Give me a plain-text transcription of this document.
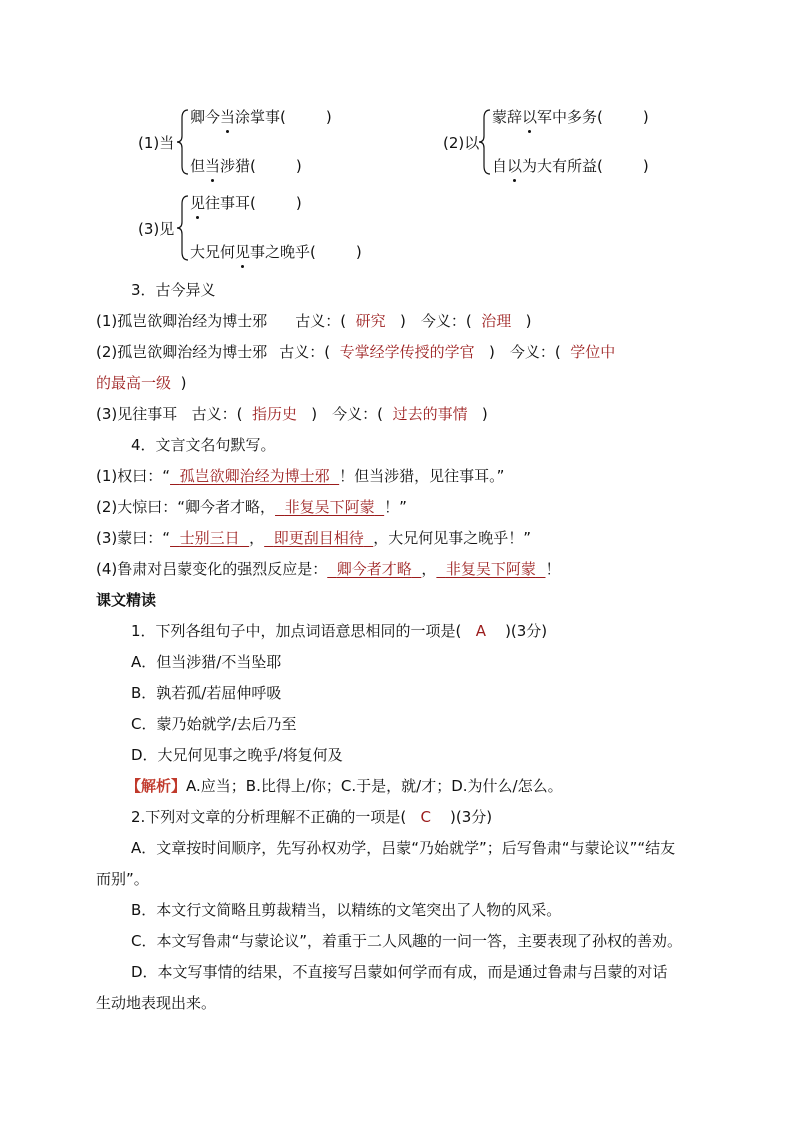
(1)当
卿今当涂掌事(	)
但当涉猎(	)
(2)以
蒙辞以军中多务(	)
自以为大有所益(	)
(3)见
见往事耳(	)
大兄何见事之晚乎(	)
3．古今异义
(1)孤岂欲卿治经为博士邪 古义：( 研究 )　今义：( 治理 )
(2)孤岂欲卿治经为博士邪 古义：( 专掌经学传授的学官 )　今义：( 学位中
的最高一级 )
(3)见往事耳 古义：( 指历史 )　今义：( 过去的事情 )
4．文言文名句默写。
(1)权曰：“ 孤岂欲卿治经为博士邪 ！但当涉猎，见往事耳。”
(2)大惊曰：“卿今者才略， 非复吴下阿蒙 ！”
(3)蒙曰：“ 士别三日 ， 即更刮目相待 ，大兄何见事之晚乎！”
(4)鲁肃对吕蒙变化的强烈反应是： 卿今者才略 ， 非复吴下阿蒙 ！
课文精读
1．下列各组句子中，加点词语意思相同的一项是( A )(3分)
A．但当涉猎/不当坠耶
B．孰若孤/若屈伸呼吸
C．蒙乃始就学/去后乃至
D．大兄何见事之晚乎/将复何及
【解析】A.应当；B.比得上/你；C.于是，就/才；D.为什么/怎么。
2.下列对文章的分析理解不正确的一项是( C )(3分)
A．文章按时间顺序，先写孙权劝学，吕蒙“乃始就学”；后写鲁肃“与蒙论议”“结友
而别”。
B．本文行文简略且剪裁精当，以精练的文笔突出了人物的风采。
C．本文写鲁肃“与蒙论议”，着重于二人风趣的一问一答，主要表现了孙权的善劝。
D．本文写事情的结果，不直接写吕蒙如何学而有成，而是通过鲁肃与吕蒙的对话
生动地表现出来。
